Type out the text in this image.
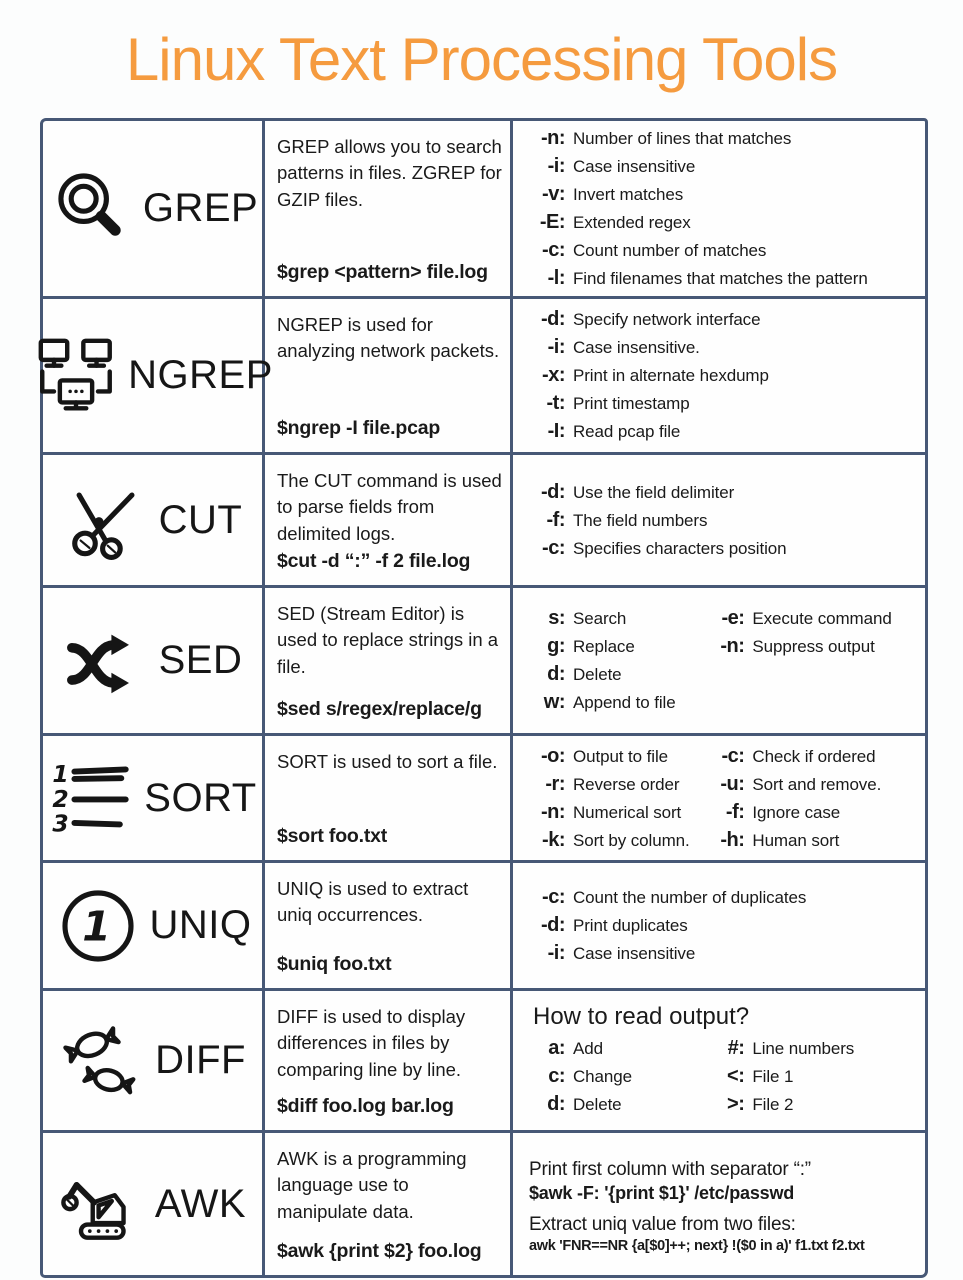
Linux Text Processing Tools
GREP
GREP allows you to search patterns in files. ZGREP for GZIP files.
$grep <pattern> file.log
-n: Number of lines that matches
-i: Case insensitive
-v: Invert matches
-E: Extended regex
-c: Count number of matches
-l: Find filenames that matches the pattern
NGREP
NGREP is used for analyzing network packets.
$ngrep -I file.pcap
-d: Specify network interface
-i: Case insensitive.
-x: Print in alternate hexdump
-t: Print timestamp
-I: Read pcap file
CUT
The CUT command is used to parse fields from delimited logs.
$cut -d “:” -f 2 file.log
-d: Use the field delimiter
-f: The field numbers
-c: Specifies characters position
SED
SED (Stream Editor) is used to replace strings in a file.
$sed s/regex/replace/g
s: Search
g: Replace
d: Delete
w: Append to file
-e: Execute command
-n: Suppress output
1
2
3
SORT
SORT is used to sort a file.
$sort foo.txt
-o: Output to file
-r: Reverse order
-n: Numerical sort
-k: Sort by column.
-c: Check if ordered
-u: Sort and remove.
-f: Ignore case
-h: Human sort
1 UNIQ
UNIQ is used to extract uniq occurrences.
$uniq foo.txt
-c: Count the number of duplicates
-d: Print duplicates
-i: Case insensitive
DIFF
DIFF is used to display differences in files by comparing line by line.
$diff foo.log bar.log
How to read output?
a: Add
c: Change
d: Delete
#: Line numbers
<: File 1
>: File 2
AWK
AWK is a programming language use to manipulate data.
$awk {print $2} foo.log
Print first column with separator “:”
$awk -F: '{print $1}' /etc/passwd
Extract uniq value from two files:
awk 'FNR==NR {a[$0]++; next} !($0 in a)' f1.txt f2.txt
